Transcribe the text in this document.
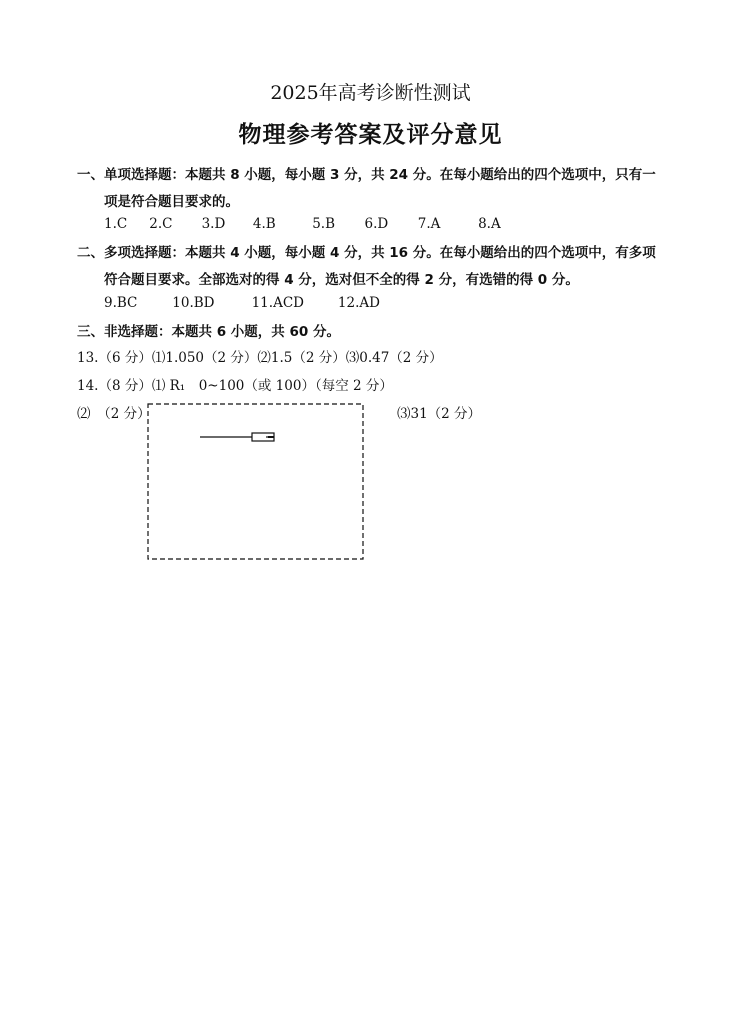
2025年高考诊断性测试
物理参考答案及评分意见
一、单项选择题：本题共 8 小题，每小题 3 分，共 24 分。在每小题给出的四个选项中，只有一
项是符合题目要求的。
1.C 2.C 3.D 4.B	5.B 6.D 7.A	8.A
二、多项选择题：本题共 4 小题，每小题 4 分，共 16 分。在每小题给出的四个选项中，有多项
符合题目要求。全部选对的得 4 分，选对但不全的得 2 分，有选错的得 0 分。
9.BC	10.BD	11.ACD	12.AD
三、非选择题：本题共 6 小题，共 60 分。
13.（6 分）⑴1.050（2 分）⑵1.5（2 分）⑶0.47（2 分）
14.（8 分）⑴ R₁　0~100（或 100）（每空 2 分）
⑵　（2 分）	⑶31（2 分）
